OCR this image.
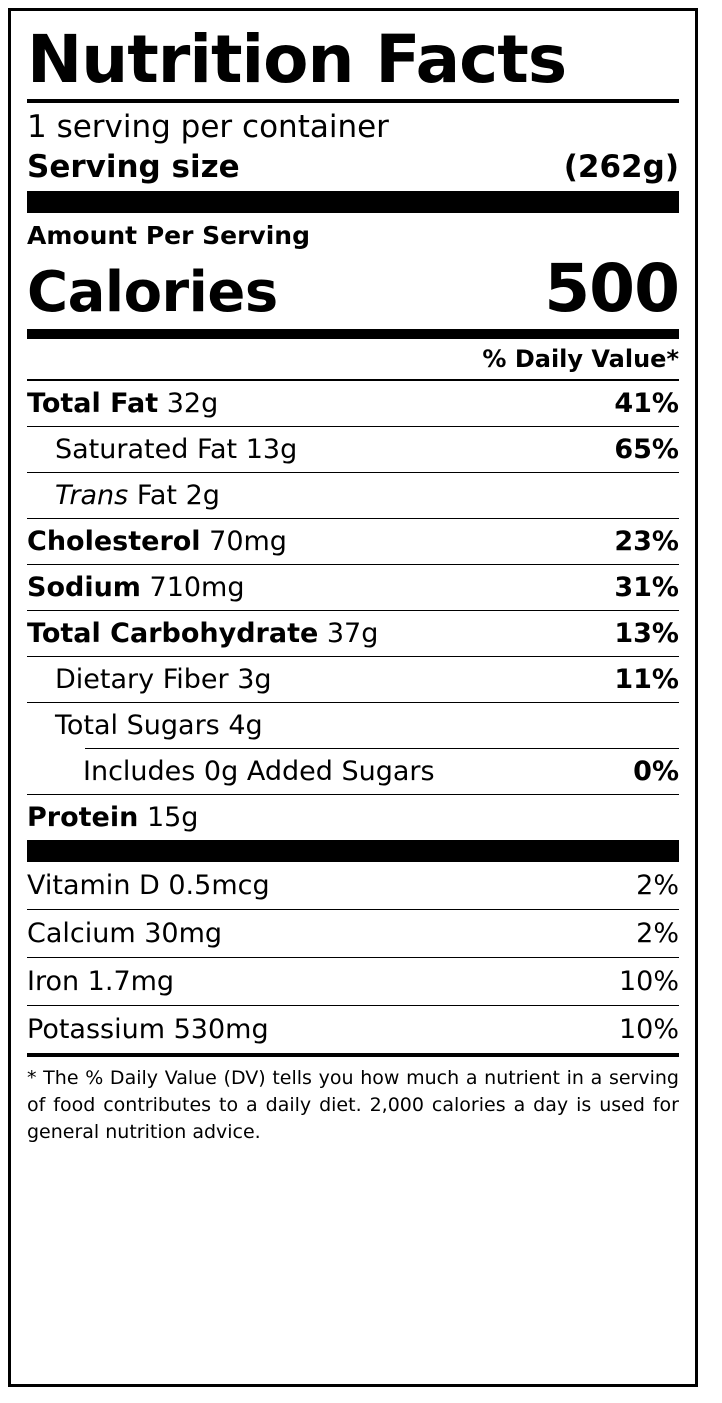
Nutrition Facts
1 serving per container
Serving size	(262g)
Amount Per Serving
Calories	500
% Daily Value*
Total Fat 32g	41%
Saturated Fat 13g	65%
Trans Fat 2g
Cholesterol 70mg	23%
Sodium 710mg	31%
Total Carbohydrate 37g	13%
Dietary Fiber 3g	11%
Total Sugars 4g
Includes 0g Added Sugars	0%
Protein 15g
Vitamin D 0.5mcg	2%
Calcium 30mg	2%
Iron 1.7mg	10%
Potassium 530mg	10%
* The % Daily Value (DV) tells you how much a nutrient in a serving of food contributes to a daily diet. 2,000 calories a day is used for general nutrition advice.
